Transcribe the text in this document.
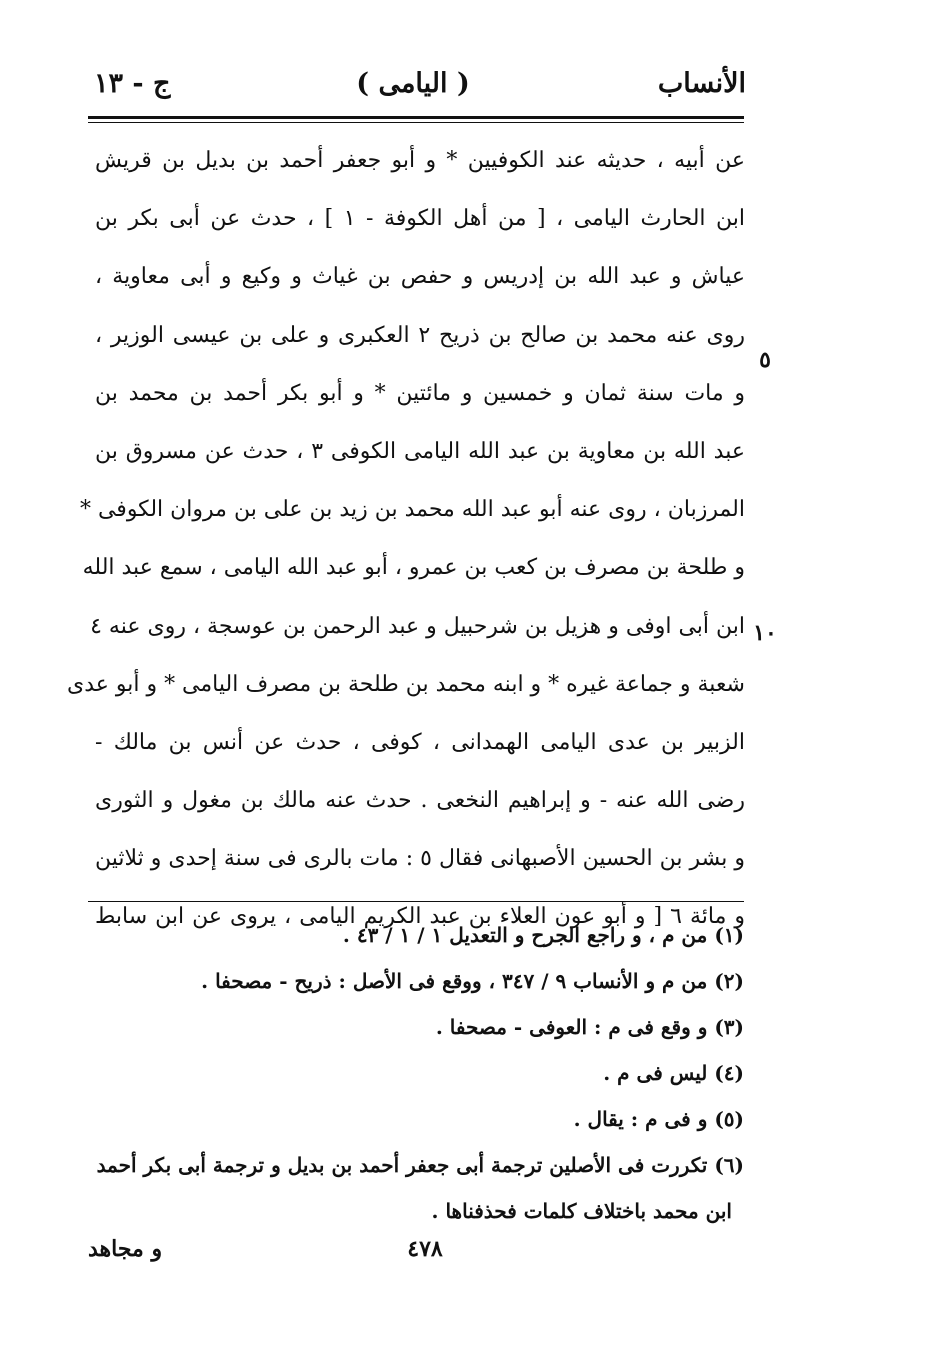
الأنساب
( اليامى )
ج - ١٣
عن أبيه ، حديثه عند الكوفيين * و أبو جعفر أحمد بن بديل بن قريش
ابن الحارث اليامى ، [ من أهل الكوفة - ١ ] ، حدث عن أبى بكر بن
عياش و عبد الله بن إدريس و حفص بن غياث و وكيع و أبى معاوية ،
روى عنه محمد بن صالح بن ذريح ٢ العكبرى و على بن عيسى الوزير ،
و مات سنة ثمان و خمسين و مائتين * و أبو بكر أحمد بن محمد بن
عبد الله بن معاوية بن عبد الله اليامى الكوفى ٣ ، حدث عن مسروق بن
المرزبان ، روى عنه أبو عبد الله محمد بن زيد بن على بن مروان الكوفى *
و طلحة بن مصرف بن كعب بن عمرو ، أبو عبد الله اليامى ، سمع عبد الله
ابن أبى اوفى و هزيل بن شرحبيل و عبد الرحمن بن عوسجة ، روى عنه ٤
شعبة و جماعة غيره * و ابنه محمد بن طلحة بن مصرف اليامى * و أبو عدى
الزبير بن عدى اليامى الهمدانى ، كوفى ، حدث عن أنس بن مالك -
رضى الله عنه - و إبراهيم النخعى . حدث عنه مالك بن مغول و الثورى
و بشر بن الحسين الأصبهانى فقال ٥ : مات بالرى فى سنة إحدى و ثلاثين
و مائة ٦ [ و أبو عون العلاء بن عبد الكريم اليامى ، يروى عن ابن سابط
٥
١٠
(١) من م ، و راجع الجرح و التعديل ١ / ١ / ٤٣ .
(٢) من م و الأنساب ٩ / ٣٤٧ ، ووقع فى الأصل : ذريح - مصحفا .
(٣) و وقع فى م : العوفى - مصحفا .
(٤) ليس فى م .
(٥) و فى م : يقال .
(٦) تكررت فى الأصلين ترجمة أبى جعفر أحمد بن بديل و ترجمة أبى بكر أحمد
ابن محمد باختلاف كلمات فحذفناها .
٤٧٨
و مجاهد
